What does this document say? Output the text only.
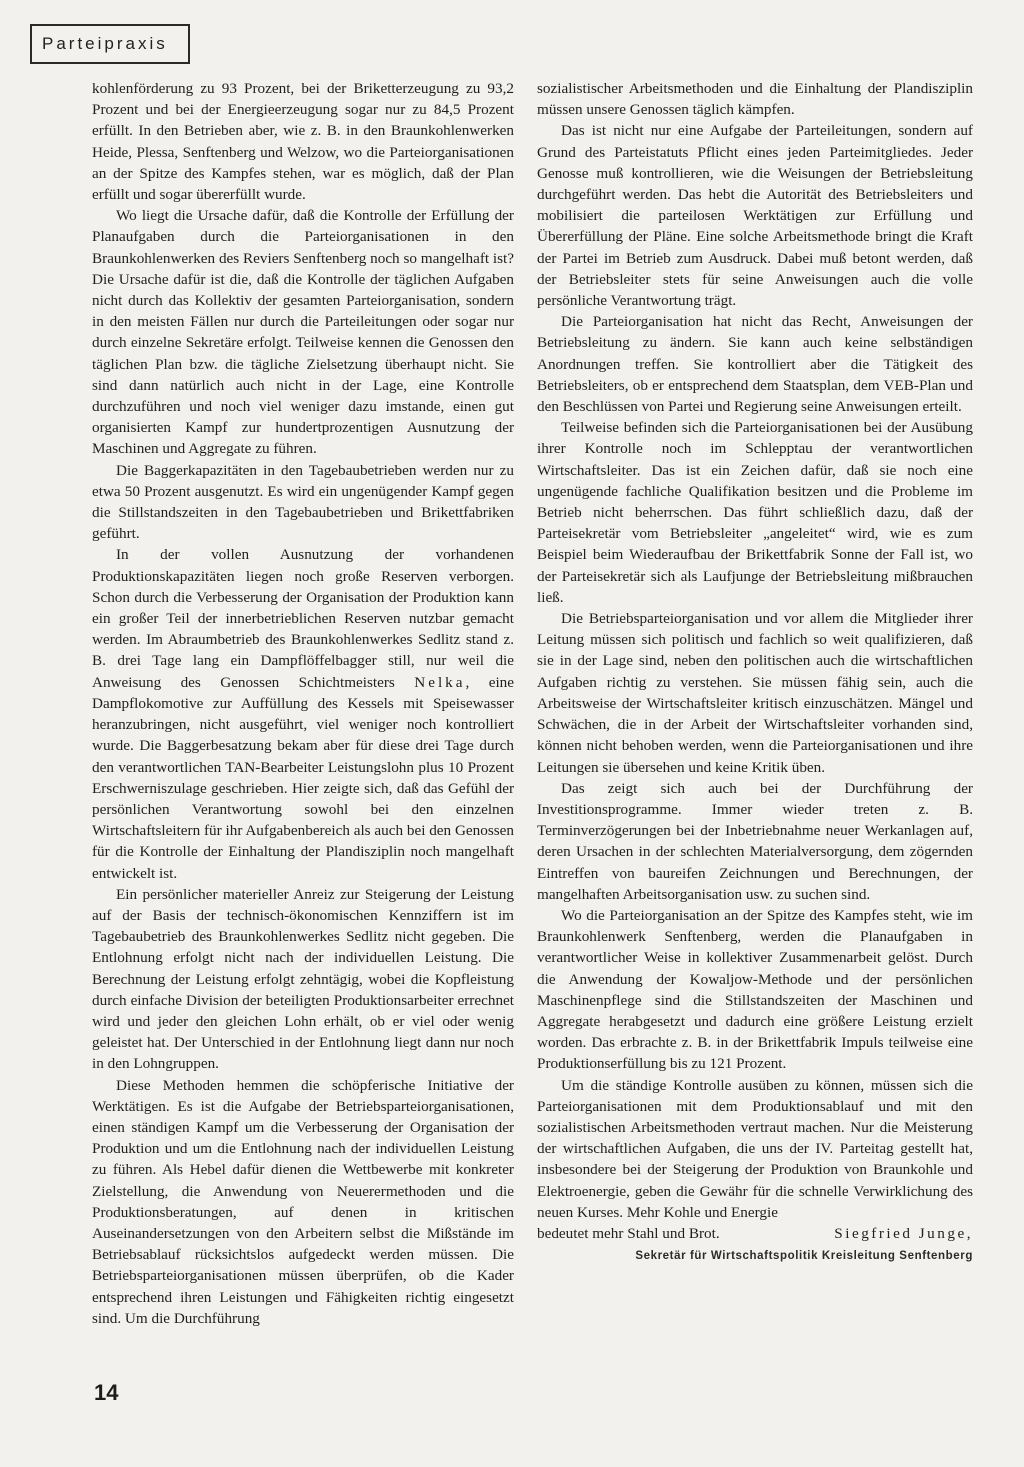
Parteipraxis

kohlenförderung zu 93 Prozent, bei der Briketterzeugung zu 93,2 Prozent und bei der Energieerzeugung sogar nur zu 84,5 Prozent erfüllt. In den Betrieben aber, wie z. B. in den Braunkohlenwerken Heide, Plessa, Senftenberg und Welzow, wo die Parteiorganisationen an der Spitze des Kampfes stehen, war es möglich, daß der Plan erfüllt und sogar übererfüllt wurde.

Wo liegt die Ursache dafür, daß die Kontrolle der Erfüllung der Planaufgaben durch die Parteiorganisationen in den Braunkohlenwerken des Reviers Senftenberg noch so mangelhaft ist? Die Ursache dafür ist die, daß die Kontrolle der täglichen Aufgaben nicht durch das Kollektiv der gesamten Parteiorganisation, sondern in den meisten Fällen nur durch die Parteileitungen oder sogar nur durch einzelne Sekretäre erfolgt. Teilweise kennen die Genossen den täglichen Plan bzw. die tägliche Zielsetzung überhaupt nicht. Sie sind dann natürlich auch nicht in der Lage, eine Kontrolle durchzuführen und noch viel weniger dazu imstande, einen gut organisierten Kampf zur hundertprozentigen Ausnutzung der Maschinen und Aggregate zu führen.

Die Baggerkapazitäten in den Tagebaubetrieben werden nur zu etwa 50 Prozent ausgenutzt. Es wird ein ungenügender Kampf gegen die Stillstandszeiten in den Tagebaubetrieben und Brikettfabriken geführt.

In der vollen Ausnutzung der vorhandenen Produktionskapazitäten liegen noch große Reserven verborgen. Schon durch die Verbesserung der Organisation der Produktion kann ein großer Teil der innerbetrieblichen Reserven nutzbar gemacht werden. Im Abraumbetrieb des Braunkohlenwerkes Sedlitz stand z. B. drei Tage lang ein Dampflöffelbagger still, nur weil die Anweisung des Genossen Schichtmeisters Nelka, eine Dampflokomotive zur Auffüllung des Kessels mit Speisewasser heranzubringen, nicht ausgeführt, viel weniger noch kontrolliert wurde. Die Baggerbesatzung bekam aber für diese drei Tage durch den verantwortlichen TAN-Bearbeiter Leistungslohn plus 10 Prozent Erschwerniszulage geschrieben. Hier zeigte sich, daß das Gefühl der persönlichen Verantwortung sowohl bei den einzelnen Wirtschaftsleitern für ihr Aufgabenbereich als auch bei den Genossen für die Kontrolle der Einhaltung der Plandisziplin noch mangelhaft entwickelt ist.

Ein persönlicher materieller Anreiz zur Steigerung der Leistung auf der Basis der technisch-ökonomischen Kennziffern ist im Tagebaubetrieb des Braunkohlenwerkes Sedlitz nicht gegeben. Die Entlohnung erfolgt nicht nach der individuellen Leistung. Die Berechnung der Leistung erfolgt zehntägig, wobei die Kopfleistung durch einfache Division der beteiligten Produktionsarbeiter errechnet wird und jeder den gleichen Lohn erhält, ob er viel oder wenig geleistet hat. Der Unterschied in der Entlohnung liegt dann nur noch in den Lohngruppen.

Diese Methoden hemmen die schöpferische Initiative der Werktätigen. Es ist die Aufgabe der Betriebsparteiorganisationen, einen ständigen Kampf um die Verbesserung der Organisation der Produktion und um die Entlohnung nach der individuellen Leistung zu führen. Als Hebel dafür dienen die Wettbewerbe mit konkreter Zielstellung, die Anwendung von Neuerermethoden und die Produktionsberatungen, auf denen in kritischen Auseinandersetzungen von den Arbeitern selbst die Mißstände im Betriebsablauf rücksichtslos aufgedeckt werden müssen. Die Betriebsparteiorganisationen müssen überprüfen, ob die Kader entsprechend ihren Leistungen und Fähigkeiten richtig eingesetzt sind. Um die Durchführung

sozialistischer Arbeitsmethoden und die Einhaltung der Plandisziplin müssen unsere Genossen täglich kämpfen.

Das ist nicht nur eine Aufgabe der Parteileitungen, sondern auf Grund des Parteistatuts Pflicht eines jeden Parteimitgliedes. Jeder Genosse muß kontrollieren, wie die Weisungen der Betriebsleitung durchgeführt werden. Das hebt die Autorität des Betriebsleiters und mobilisiert die parteilosen Werktätigen zur Erfüllung und Übererfüllung der Pläne. Eine solche Arbeitsmethode bringt die Kraft der Partei im Betrieb zum Ausdruck. Dabei muß betont werden, daß der Betriebsleiter stets für seine Anweisungen auch die volle persönliche Verantwortung trägt.

Die Parteiorganisation hat nicht das Recht, Anweisungen der Betriebsleitung zu ändern. Sie kann auch keine selbständigen Anordnungen treffen. Sie kontrolliert aber die Tätigkeit des Betriebsleiters, ob er entsprechend dem Staatsplan, dem VEB-Plan und den Beschlüssen von Partei und Regierung seine Anweisungen erteilt.

Teilweise befinden sich die Parteiorganisationen bei der Ausübung ihrer Kontrolle noch im Schlepptau der verantwortlichen Wirtschaftsleiter. Das ist ein Zeichen dafür, daß sie noch eine ungenügende fachliche Qualifikation besitzen und die Probleme im Betrieb nicht beherrschen. Das führt schließlich dazu, daß der Parteisekretär vom Betriebsleiter „angeleitet“ wird, wie es zum Beispiel beim Wiederaufbau der Brikettfabrik Sonne der Fall ist, wo der Parteisekretär sich als Laufjunge der Betriebsleitung mißbrauchen ließ.

Die Betriebsparteiorganisation und vor allem die Mitglieder ihrer Leitung müssen sich politisch und fachlich so weit qualifizieren, daß sie in der Lage sind, neben den politischen auch die wirtschaftlichen Aufgaben richtig zu verstehen. Sie müssen fähig sein, auch die Arbeitsweise der Wirtschaftsleiter kritisch einzuschätzen. Mängel und Schwächen, die in der Arbeit der Wirtschaftsleiter vorhanden sind, können nicht behoben werden, wenn die Parteiorganisationen und ihre Leitungen sie übersehen und keine Kritik üben.

Das zeigt sich auch bei der Durchführung der Investitionsprogramme. Immer wieder treten z. B. Terminverzögerungen bei der Inbetriebnahme neuer Werkanlagen auf, deren Ursachen in der schlechten Materialversorgung, dem zögernden Eintreffen von baureifen Zeichnungen und Berechnungen, der mangelhaften Arbeitsorganisation usw. zu suchen sind.

Wo die Parteiorganisation an der Spitze des Kampfes steht, wie im Braunkohlenwerk Senftenberg, werden die Planaufgaben in verantwortlicher Weise in kollektiver Zusammenarbeit gelöst. Durch die Anwendung der Kowaljow-Methode und der persönlichen Maschinenpflege sind die Stillstandszeiten der Maschinen und Aggregate herabgesetzt und dadurch eine größere Leistung erzielt worden. Das erbrachte z. B. in der Brikettfabrik Impuls teilweise eine Produktionserfüllung bis zu 121 Prozent.

Um die ständige Kontrolle ausüben zu können, müssen sich die Parteiorganisationen mit dem Produktionsablauf und mit den sozialistischen Arbeitsmethoden vertraut machen. Nur die Meisterung der wirtschaftlichen Aufgaben, die uns der IV. Parteitag gestellt hat, insbesondere bei der Steigerung der Produktion von Braunkohle und Elektroenergie, geben die Gewähr für die schnelle Verwirklichung des neuen Kurses. Mehr Kohle und Energie

bedeutet mehr Stahl und Brot.	Siegfried Junge,

Sekretär für Wirtschaftspolitik Kreisleitung Senftenberg

14
